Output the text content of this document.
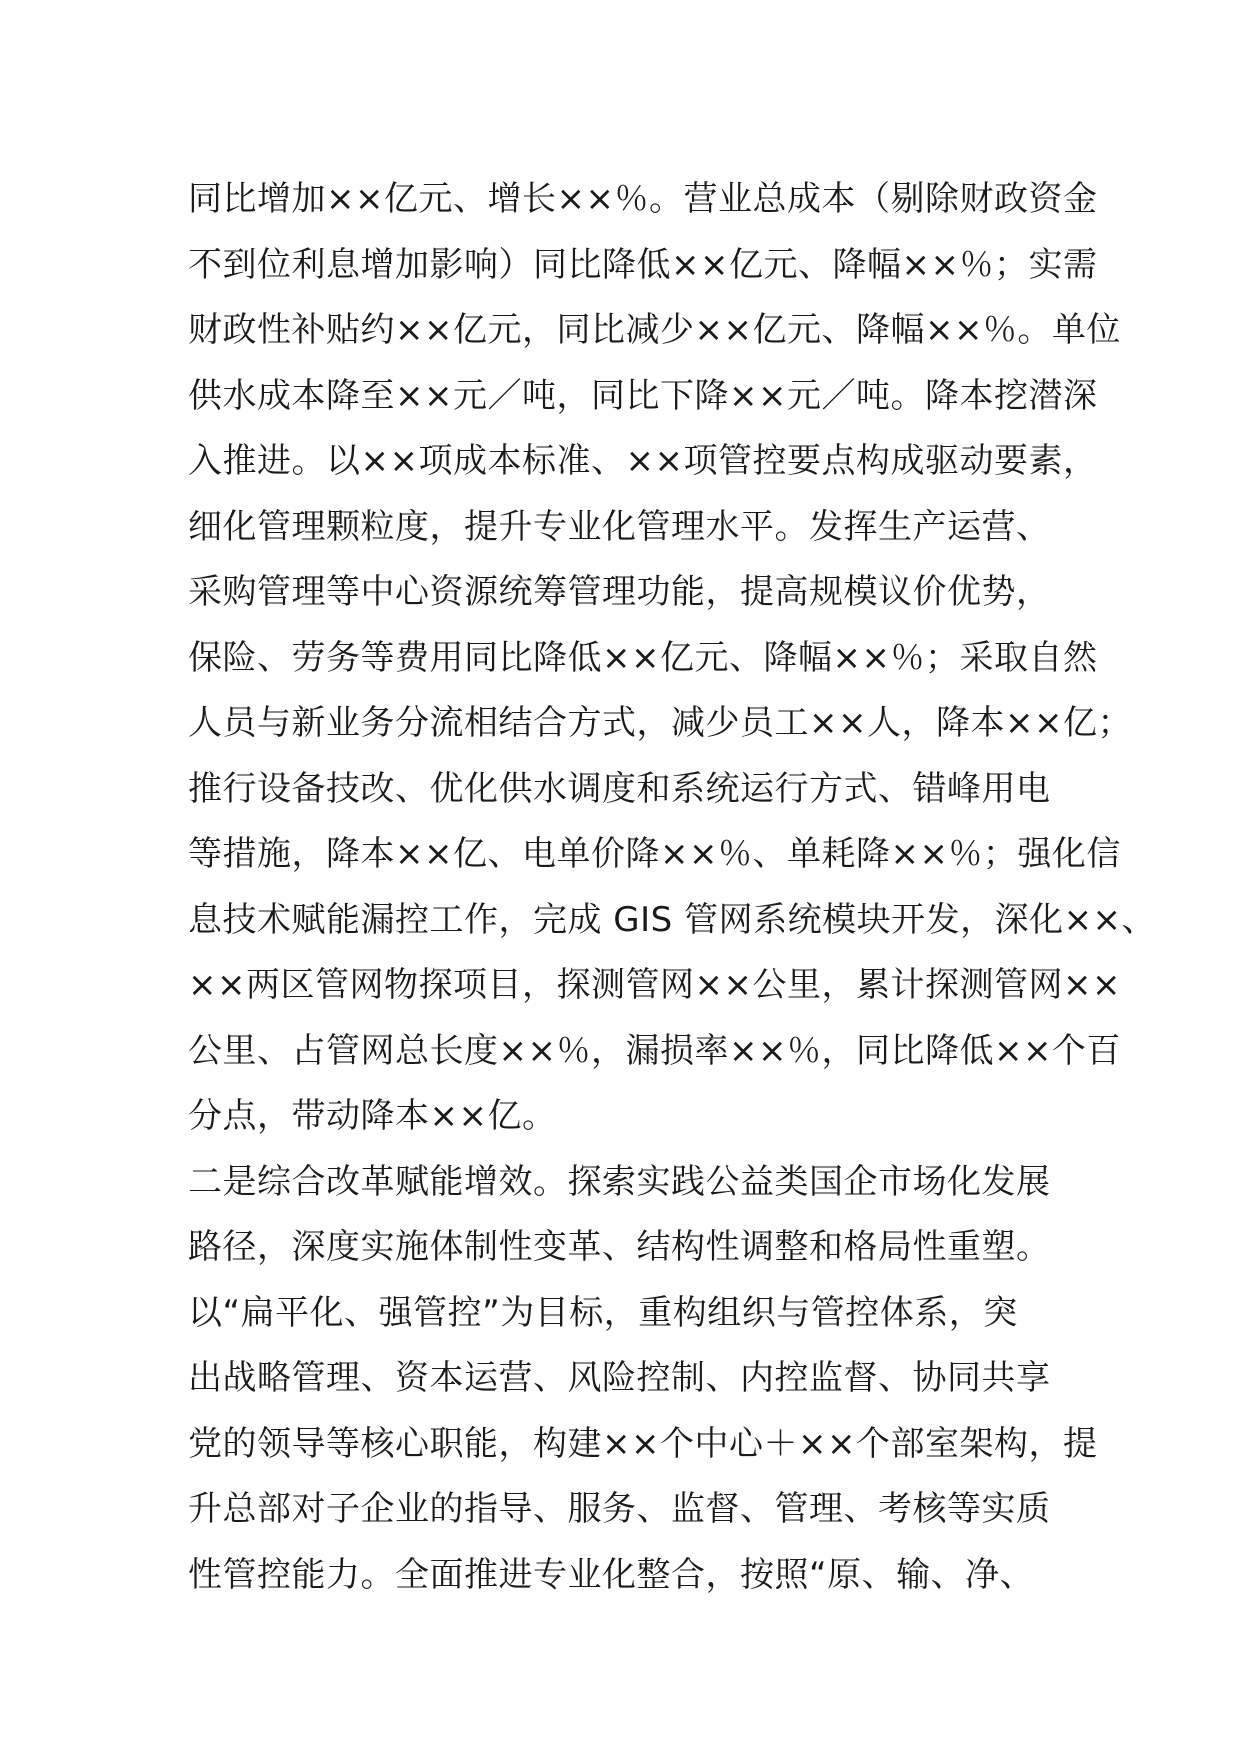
同比增加××亿元、增长××％。营业总成本（剔除财政资金
不到位利息增加影响）同比降低××亿元、降幅××％；实需
财政性补贴约××亿元，同比减少××亿元、降幅××％。单位
供水成本降至××元／吨，同比下降××元／吨。降本挖潜深
入推进。以××项成本标准、××项管控要点构成驱动要素，
细化管理颗粒度，提升专业化管理水平。发挥生产运营、
采购管理等中心资源统筹管理功能，提高规模议价优势，
保险、劳务等费用同比降低××亿元、降幅××％；采取自然
人员与新业务分流相结合方式，减少员工××人，降本××亿；
推行设备技改、优化供水调度和系统运行方式、错峰用电
等措施，降本××亿、电单价降××％、单耗降××％；强化信
息技术赋能漏控工作，完成 GIS 管网系统模块开发，深化××、
××两区管网物探项目，探测管网××公里，累计探测管网××
公里、占管网总长度××％，漏损率××％，同比降低××个百
分点，带动降本××亿。
二是综合改革赋能增效。探索实践公益类国企市场化发展
路径，深度实施体制性变革、结构性调整和格局性重塑。
以“扁平化、强管控”为目标，重构组织与管控体系，突
出战略管理、资本运营、风险控制、内控监督、协同共享
党的领导等核心职能，构建××个中心＋××个部室架构，提
升总部对子企业的指导、服务、监督、管理、考核等实质
性管控能力。全面推进专业化整合，按照“原、输、净、
